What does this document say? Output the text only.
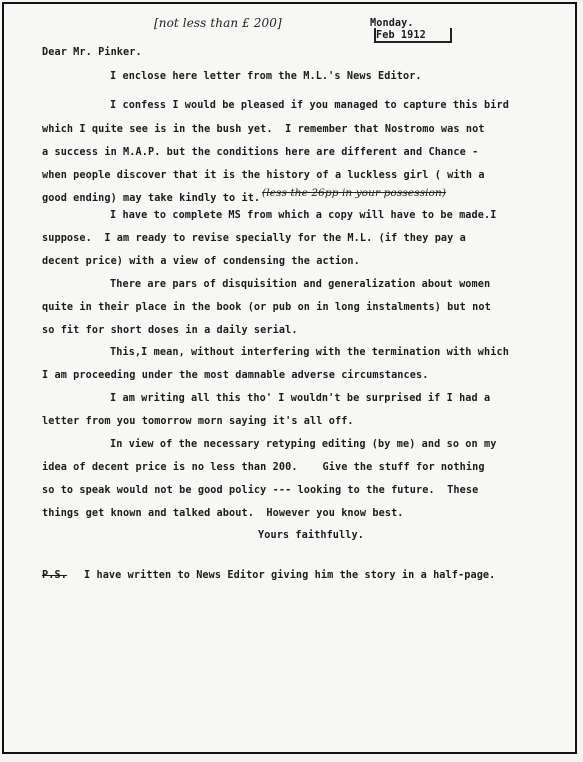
[not less than £ 200]	Monday.
Feb 1912
Dear Mr. Pinker.
I enclose here letter from the M.L.'s News Editor.
I confess I would be pleased if you managed to capture this bird
which I quite see is in the bush yet.  I remember that Nostromo was not
a success in M.A.P. but the conditions here are different and Chance -
when people discover that it is the history of a luckless girl ( with a
good ending) may take kindly to it. (less the 26pp in your possession)
I have to complete MS from which a copy will have to be made.I
suppose.  I am ready to revise specially for the M.L. (if they pay a
decent price) with a view of condensing the action.
There are pars of disquisition and generalization about women
quite in their place in the book (or pub on in long instalments) but not
so fit for short doses in a daily serial.
This,I mean, without interfering with the termination with which
I am proceeding under the most damnable adverse circumstances.
I am writing all this tho' I wouldn't be surprised if I had a
letter from you tomorrow morn saying it's all off.
In view of the necessary retyping editing (by me) and so on my
idea of decent price is no less than 200.    Give the stuff for nothing
so to speak would not be good policy --- looking to the future.  These
things get known and talked about.  However you know best.
Yours faithfully.
P.S. I have written to News Editor giving him the story in a half-page.
